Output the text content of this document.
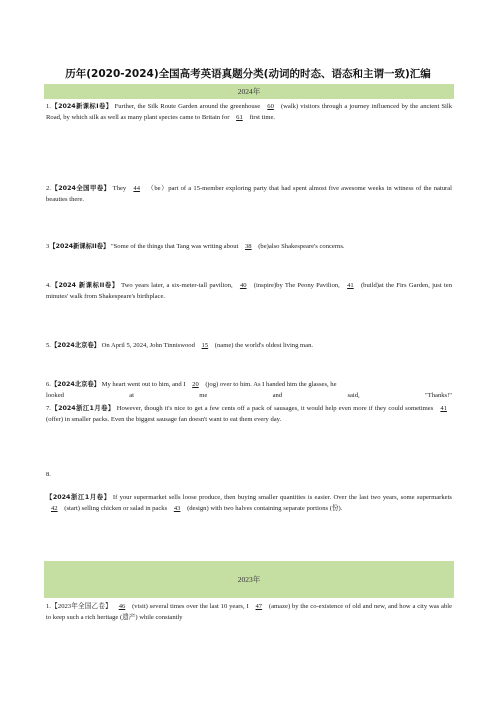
历年(2020-2024)全国高考英语真题分类(动词的时态、语态和主谓一致)汇编
2024年
1.【2024新课标I卷】 Further, the Silk Route Garden around the greenhouse 60 (walk) visitors through a journey influenced by the ancient Silk Road, by which silk as well as many plant species came to Britain for 61 first time.
2.【2024全国甲卷】 They 44 （be）part of a 15-member exploring party that had spent almost five awesome weeks in witness of the natural beauties there.
3【2024新课标II卷】 "Some of the things that Tang was writing about 38 (be)also Shakespeare's concerns.
4.【2024 新课标II卷】 Two years later, a six-meter-tall pavilion, 40 (inspire)by The Peony Pavilion, 41 (build)at the Firs Garden, just ten minutes' walk from Shakespeare's birthplace.
5.【2024北京卷】 On April 5, 2024, John Tinniswood 15 (name) the world's oldest living man.
6.【2024北京卷】 My heart went out to him, and I 20 (jog) over to him. As I handed him the glasses, he
looked	at	me	and	said,	"Thanks!"
7.【2024浙江1月卷】 However, though it's nice to get a few cents off a pack of sausages, it would help even more if they could sometimes 41 (offer) in smaller packs. Even the biggest sausage fan doesn't want to eat them every day.
8.
【2024浙江1月卷】 If your supermarket sells loose produce, then buying smaller quantities is easier. Over the last two years, some supermarkets 42 (start) selling chicken or salad in packs 43 (design) with two halves containing separate portions (份).
2023年
1.【2023年全国乙卷】 46 (visit) several times over the last 10 years, I 47 (amaze) by the co-existence of old and new, and how a city was able to keep such a rich heritage (遗产) while constantly
